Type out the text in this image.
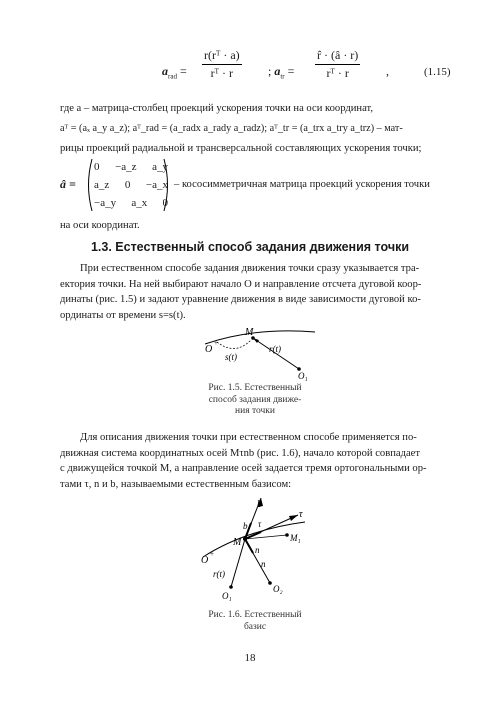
$a_{rad} = \frac{\text{r(rᵀ · a)}}{\text{rᵀ · r}}$ ; $a_{tr} = \frac{r̂ \cdot (â \cdot r)}{\text{rᵀ · r}}$ ,	(1.15)
где a – матрица-столбец проекций ускорения точки на оси координат,
aᵀ = (aₓ a_y a_z); aᵀ_rad = (a_radx a_rady a_radz); aᵀ_tr = (a_trx a_try a_trz) – мат-
рицы проекций радиальной и трансверсальной составляющих ускорения точки;
â =
0 −a_z a_y
a_z 0 −a_x
−a_y a_x 0
– кососимметричная матрица проекций ускорения точки
на оси координат.
1.3. Естественный способ задания движения точки
При естественном способе задания движения точки сразу указывается тра-
ектория точки. На ней выбирают начало O и направление отсчета дуговой коор-
динаты (рис. 1.5) и задают уравнение движения в виде зависимости дуговой ко-
ординаты от времени s=s(t).
M
O
+
s(t)
r(t)
O₁
Рис. 1.5. Естественный
способ задания движе-
ния точки
Для описания движения точки при естественном способе применяется по-
движная система координатных осей Mτnb (рис. 1.6), начало которой совпадает
с движущейся точкой M, а направление осей задается тремя ортогональными ор-
тами τ, n и b, называемыми естественным базисом:
b
b
τ
τ
M	M₁
n
n
O
+
r(t)
O₁
O₂
Рис. 1.6. Естественный
базис
18
